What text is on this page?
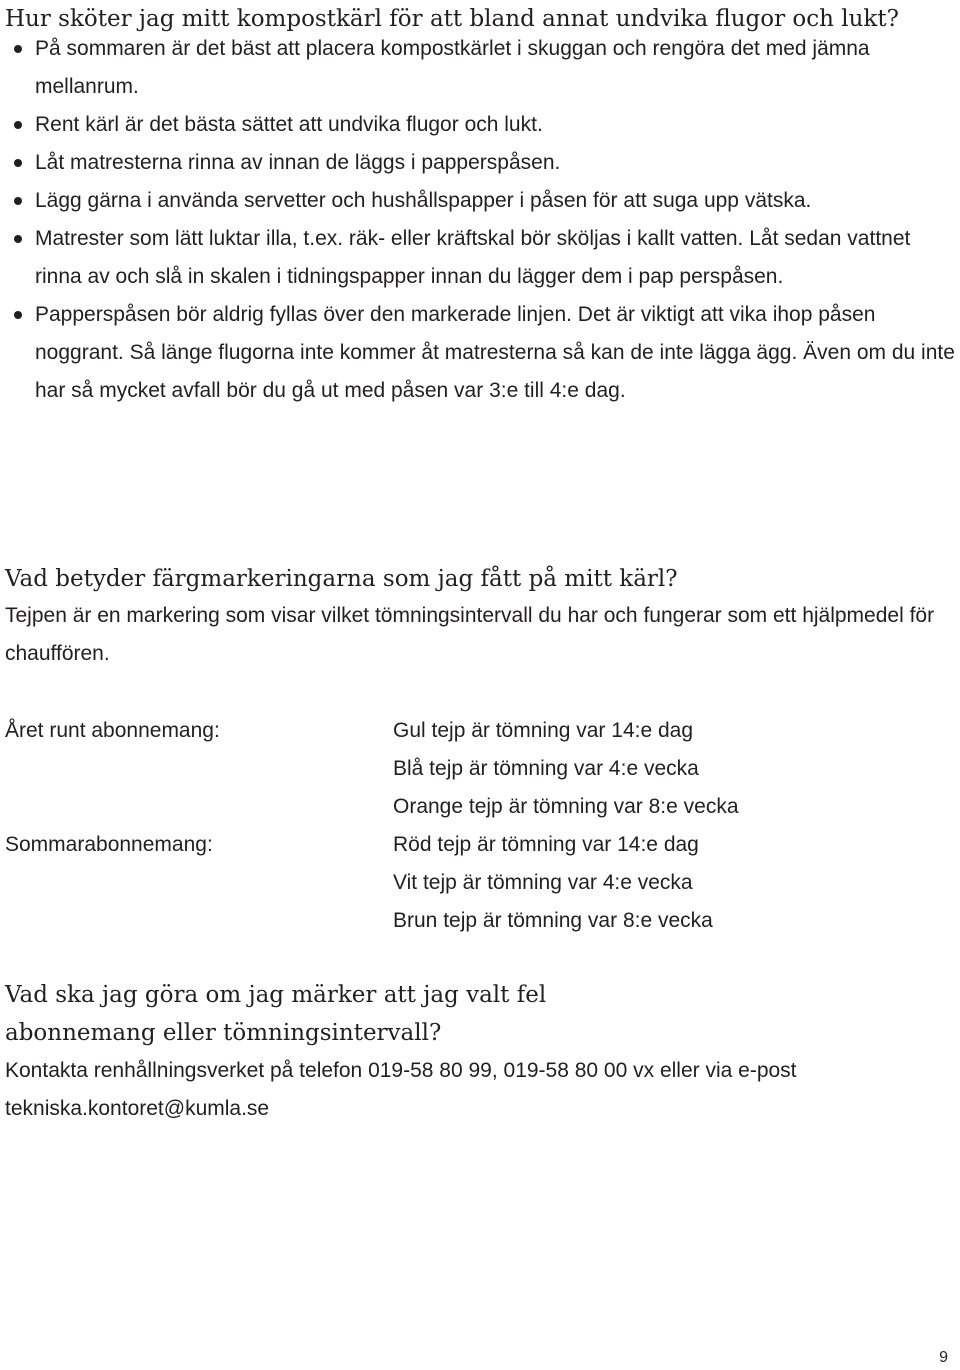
Hur sköter jag mitt kompostkärl för att bland annat undvika flugor och lukt?
På sommaren är det bäst att placera kompostkärlet i skuggan och rengöra det med jämna mellanrum.
Rent kärl är det bästa sättet att undvika flugor och lukt.
Låt matresterna rinna av innan de läggs i papperspåsen.
Lägg gärna i använda servetter och hushållspapper i påsen för att suga upp vätska.
Matrester som lätt luktar illa, t.ex. räk- eller kräftskal bör sköljas i kallt vatten. Låt sedan vattnet rinna av och slå in skalen i tidningspapper innan du lägger dem i pap perspåsen.
Papperspåsen bör aldrig fyllas över den markerade linjen. Det är viktigt att vika ihop påsen noggrant. Så länge flugorna inte kommer åt matresterna så kan de inte lägga ägg. Även om du inte har så mycket avfall bör du gå ut med påsen var 3:e till 4:e dag.
Vad betyder färgmarkeringarna som jag fått på mitt kärl?

Tejpen är en markering som visar vilket tömningsintervall du har och fungerar som ett hjälpmedel för chauffören.

Året runt abonnemang:
Sommarabonnemang:
Gul tejp är tömning var 14:e dag
Blå tejp är tömning var 4:e vecka
Orange tejp är tömning var 8:e vecka
Röd tejp är tömning var 14:e dag
Vit tejp är tömning var 4:e vecka
Brun tejp är tömning var 8:e vecka
Vad ska jag göra om jag märker att jag valt fel
abonnemang eller tömningsintervall?

Kontakta renhållningsverket på telefon 019-58 80 99, 019-58 80 00 vx eller via e-post tekniska.kontoret@kumla.se

9
